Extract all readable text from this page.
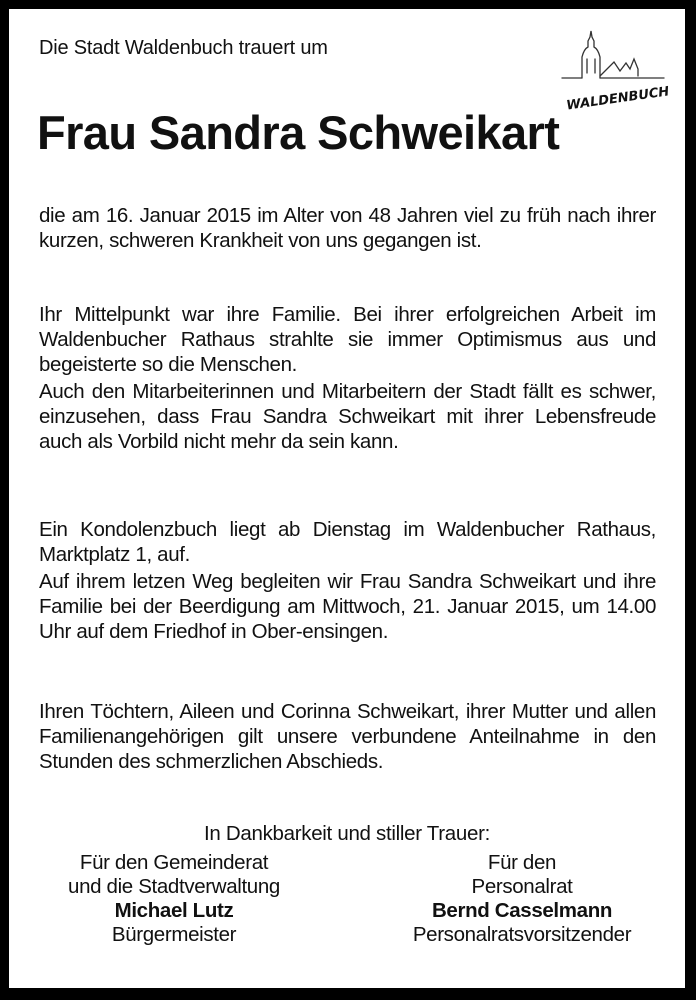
Die Stadt Waldenbuch trauert um
WALDENBUCH
Frau Sandra Schweikart
die am 16. Januar 2015 im Alter von 48 Jahren viel zu früh nach ihrer kurzen, schweren Krankheit von uns gegangen ist.
Ihr Mittelpunkt war ihre Familie. Bei ihrer erfolgreichen Arbeit im Waldenbucher Rathaus strahlte sie immer Optimismus aus und begeisterte so die Menschen.
Auch den Mitarbeiterinnen und Mitarbeitern der Stadt fällt es schwer, einzusehen, dass Frau Sandra Schweikart mit ihrer Lebensfreude auch als Vorbild nicht mehr da sein kann.
Ein Kondolenzbuch liegt ab Dienstag im Waldenbucher Rathaus, Marktplatz 1, auf.
Auf ihrem letzen Weg begleiten wir Frau Sandra Schweikart und ihre Familie bei der Beerdigung am Mittwoch, 21. Januar 2015, um 14.00 Uhr auf dem Friedhof in Ober-ensingen.
Ihren Töchtern, Aileen und Corinna Schweikart, ihrer Mutter und allen Familienangehörigen gilt unsere verbundene Anteilnahme in den Stunden des schmerzlichen Abschieds.
In Dankbarkeit und stiller Trauer:
Für den Gemeinderat
und die Stadtverwaltung
Michael Lutz
Bürgermeister
Für den
Personalrat
Bernd Casselmann
Personalratsvorsitzender
